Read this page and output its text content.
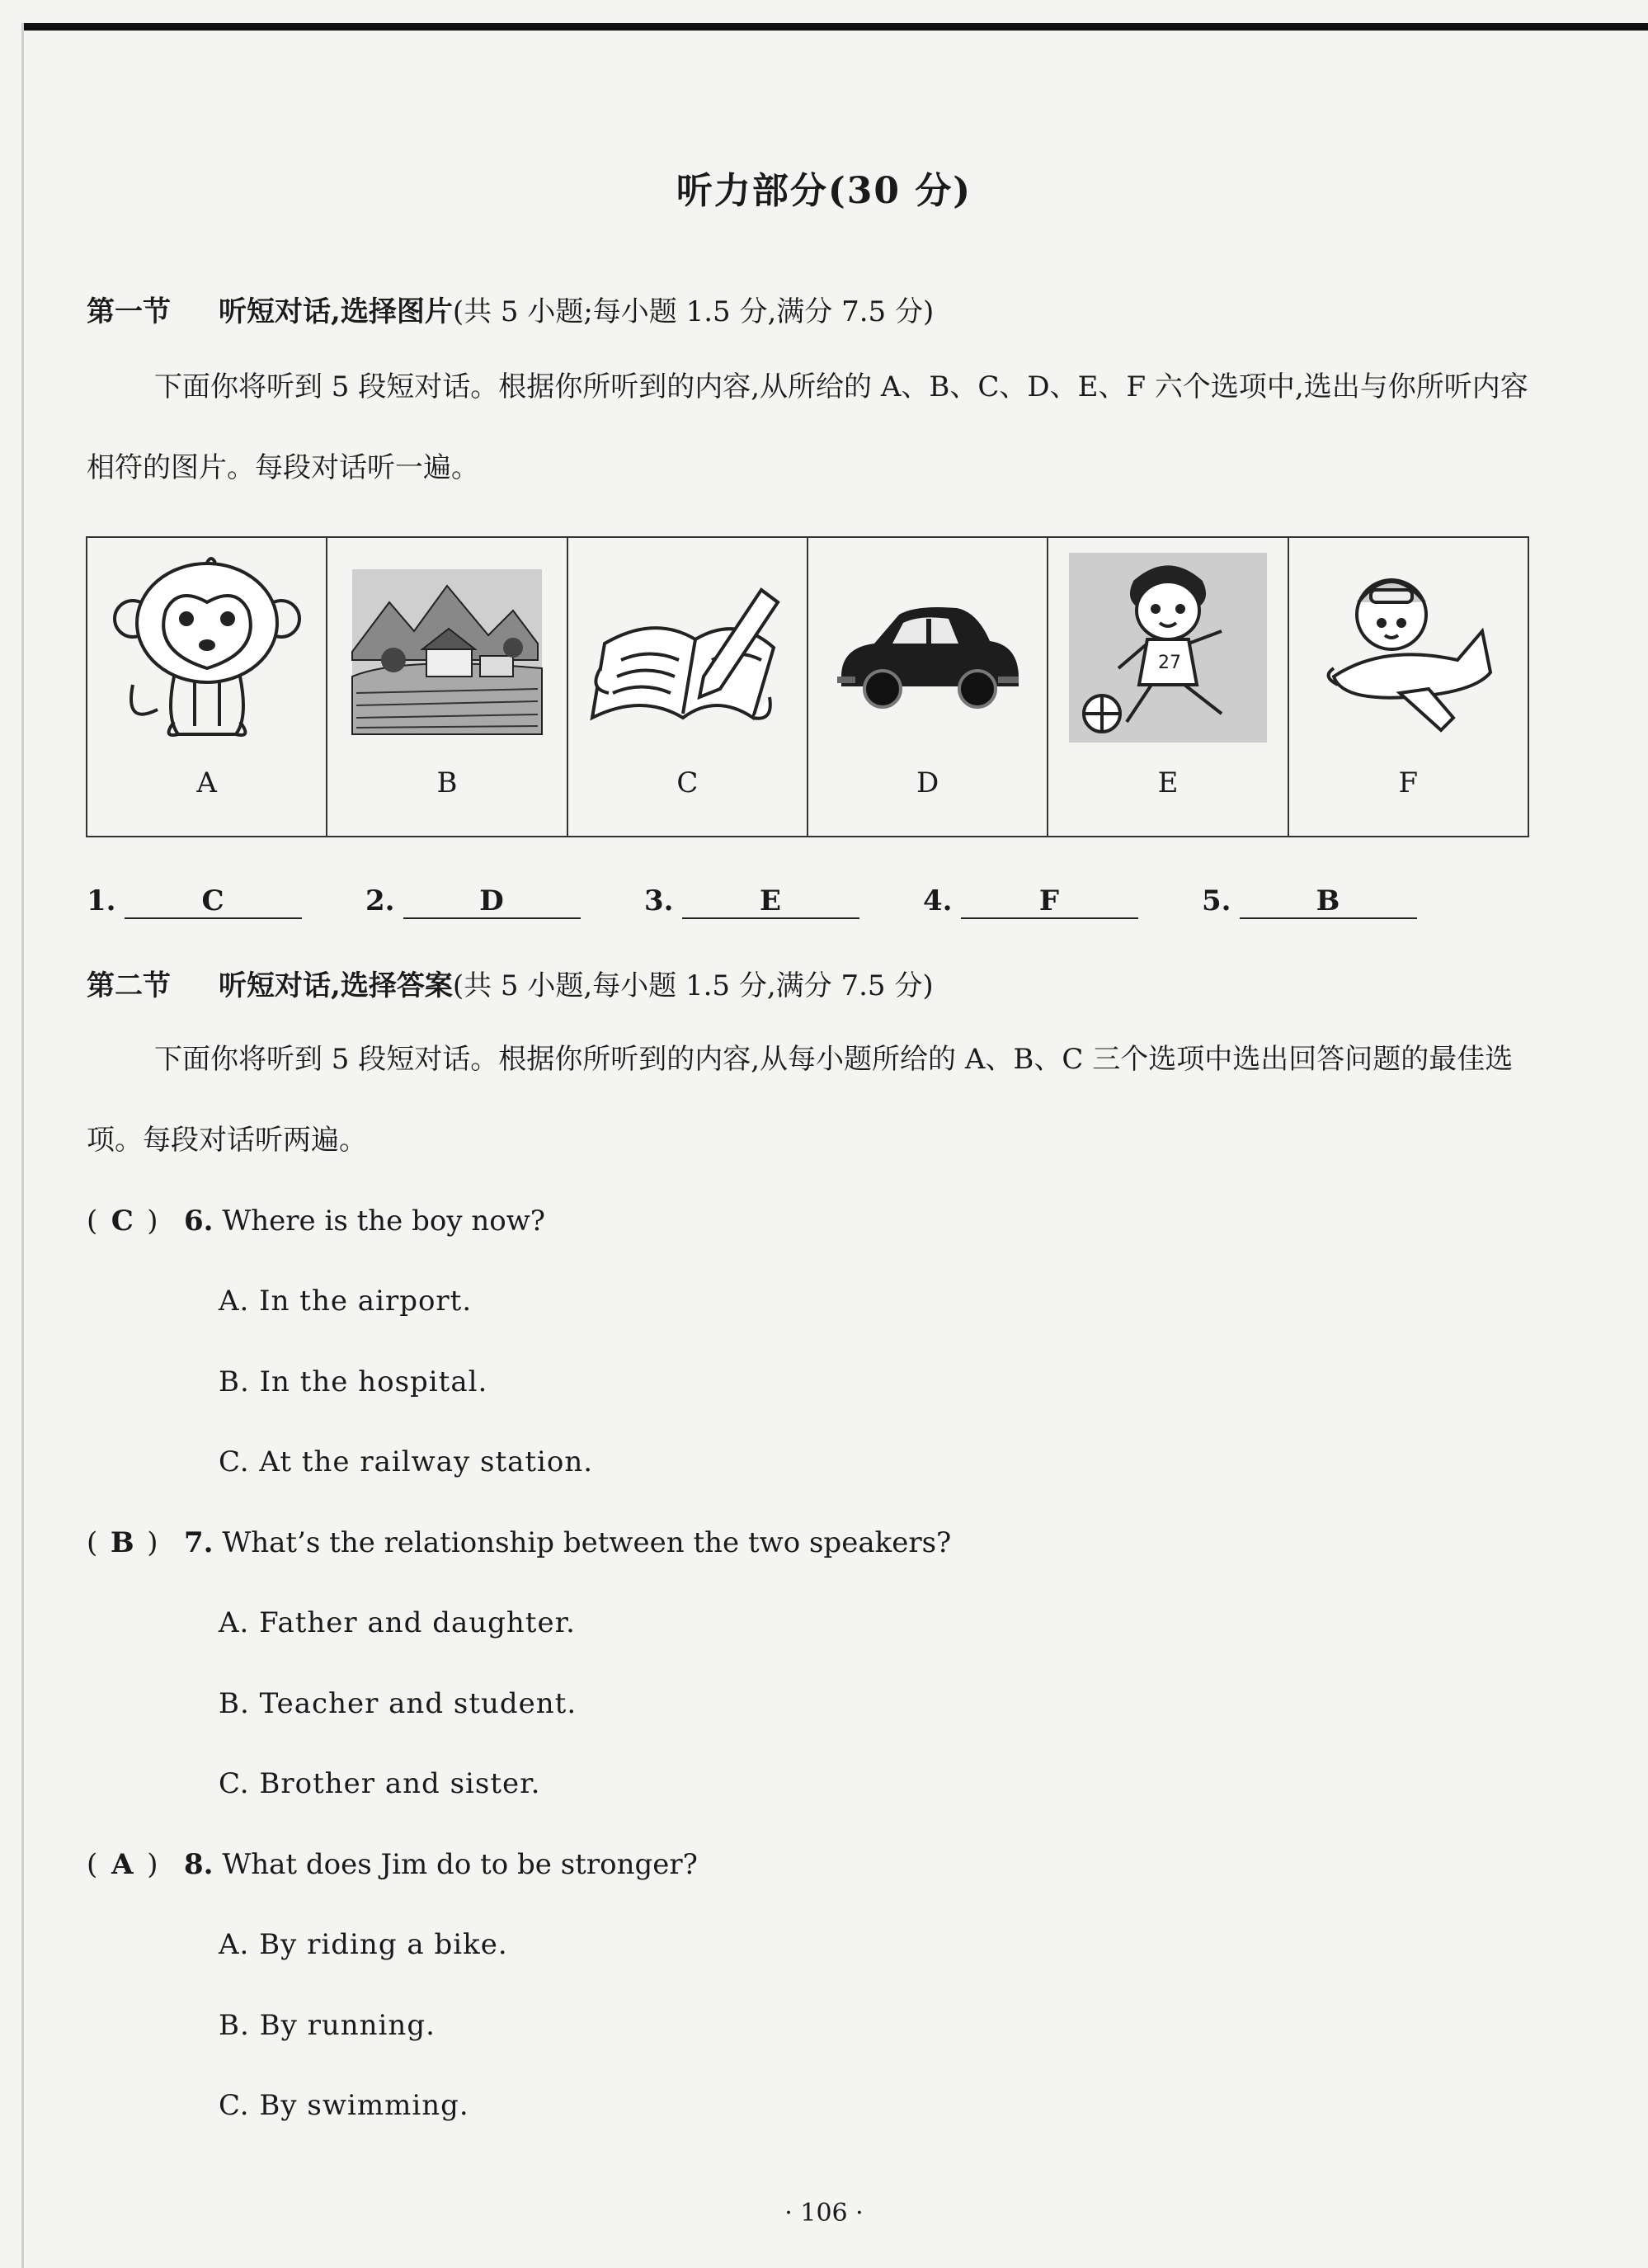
听力部分(30 分)
第一节 听短对话,选择图片(共 5 小题;每小题 1.5 分,满分 7.5 分)
下面你将听到 5 段短对话。根据你所听到的内容,从所给的 A、B、C、D、E、F 六个选项中,选出与你所听内容相符的图片。每段对话听一遍。
A	B	C	D

27
E	F
1.	C	2.	D	3.	E	4.	F	5.	B
第二节 听短对话,选择答案(共 5 小题,每小题 1.5 分,满分 7.5 分)
下面你将听到 5 段短对话。根据你所听到的内容,从每小题所给的 A、B、C 三个选项中选出回答问题的最佳选项。每段对话听两遍。
( C ) 6. Where is the boy now?
A. In the airport.
B. In the hospital.
C. At the railway station.
( B ) 7. What’s the relationship between the two speakers?
A. Father and daughter.
B. Teacher and student.
C. Brother and sister.
( A ) 8. What does Jim do to be stronger?
A. By riding a bike.
B. By running.
C. By swimming.
· 106 ·
